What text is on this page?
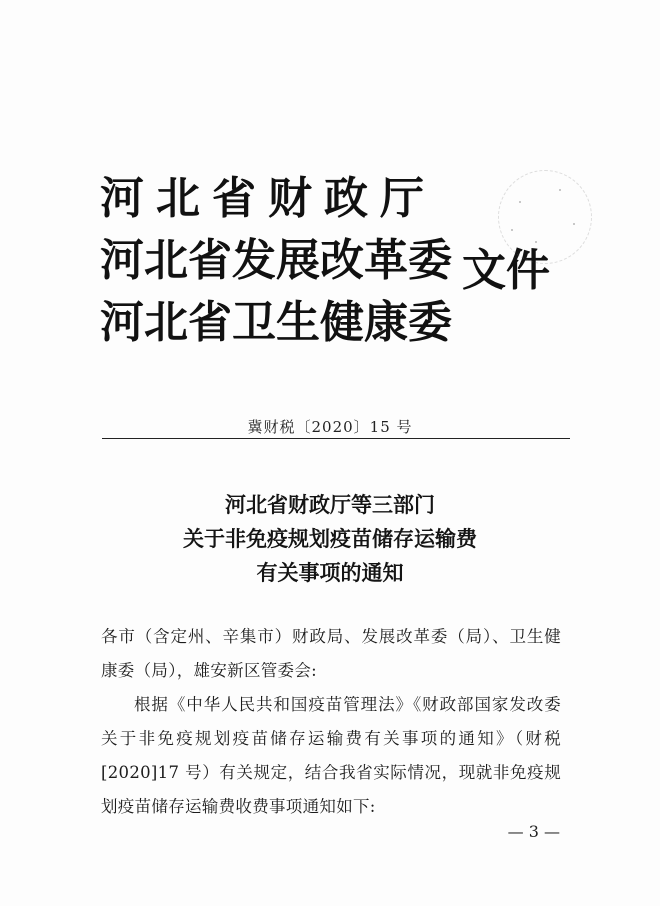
河北省财政厅
河北省发展改革委
河北省卫生健康委
文件
冀财税〔2020〕15 号
河北省财政厅等三部门
关于非免疫规划疫苗储存运输费
有关事项的通知

各市（含定州、辛集市）财政局、发展改革委（局）、卫生健康委（局），雄安新区管委会:

根据《中华人民共和国疫苗管理法》《财政部国家发改委关于非免疫规划疫苗储存运输费有关事项的通知》（财税[2020]17 号）有关规定，结合我省实际情况，现就非免疫规划疫苗储存运输费收费事项通知如下:

— 3 —
